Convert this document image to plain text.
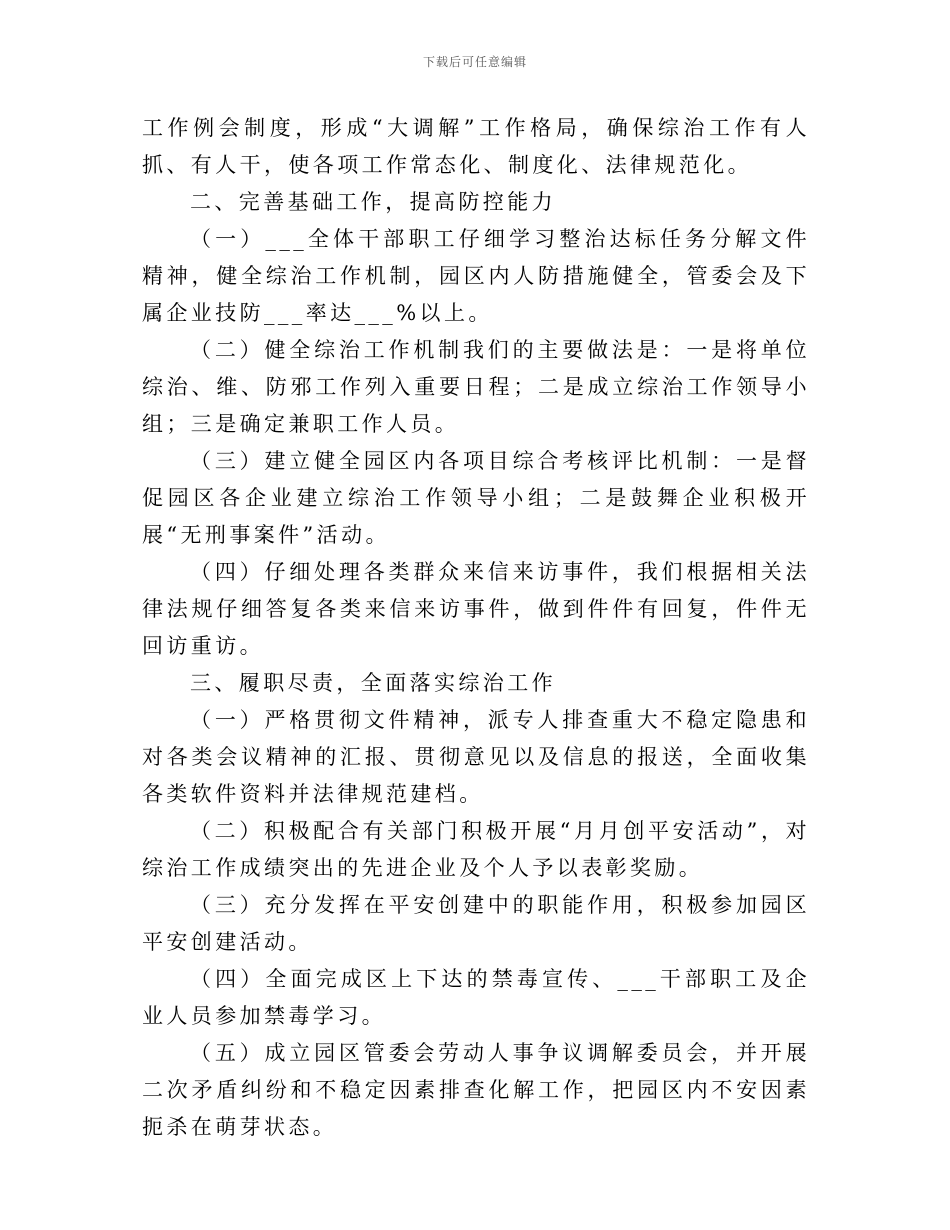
下载后可任意编辑

工作例会制度，形成“大调解”工作格局，确保综治工作有人抓、有人干，使各项工作常态化、制度化、法律规范化。

二、完善基础工作，提高防控能力

（一）___全体干部职工仔细学习整治达标任务分解文件精神，健全综治工作机制，园区内人防措施健全，管委会及下属企业技防___率达___%以上。

（二）健全综治工作机制我们的主要做法是：一是将单位综治、维、防邪工作列入重要日程；二是成立综治工作领导小组；三是确定兼职工作人员。

（三）建立健全园区内各项目综合考核评比机制：一是督促园区各企业建立综治工作领导小组；二是鼓舞企业积极开展“无刑事案件”活动。

（四）仔细处理各类群众来信来访事件，我们根据相关法律法规仔细答复各类来信来访事件，做到件件有回复，件件无回访重访。

三、履职尽责，全面落实综治工作

（一）严格贯彻文件精神，派专人排查重大不稳定隐患和对各类会议精神的汇报、贯彻意见以及信息的报送，全面收集各类软件资料并法律规范建档。

（二）积极配合有关部门积极开展“月月创平安活动”，对综治工作成绩突出的先进企业及个人予以表彰奖励。

（三）充分发挥在平安创建中的职能作用，积极参加园区平安创建活动。

（四）全面完成区上下达的禁毒宣传、___干部职工及企业人员参加禁毒学习。

（五）成立园区管委会劳动人事争议调解委员会，并开展二次矛盾纠纷和不稳定因素排查化解工作，把园区内不安因素扼杀在萌芽状态。
